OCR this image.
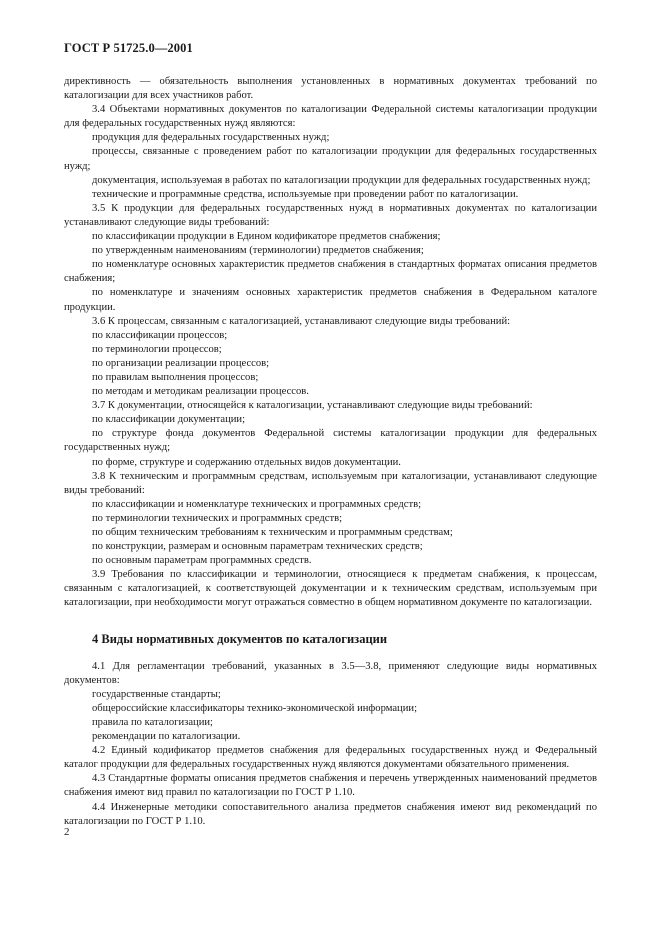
ГОСТ Р 51725.0—2001

директивность — обязательность выполнения установленных в нормативных документах требований по каталогизации для всех участников работ.

3.4 Объектами нормативных документов по каталогизации Федеральной системы каталогизации продукции для федеральных государственных нужд являются:

продукция для федеральных государственных нужд;

процессы, связанные с проведением работ по каталогизации продукции для федеральных государственных нужд;

документация, используемая в работах по каталогизации продукции для федеральных государственных нужд;

технические и программные средства, используемые при проведении работ по каталогизации.

3.5 К продукции для федеральных государственных нужд в нормативных документах по каталогизации устанавливают следующие виды требований:

по классификации продукции в Едином кодификаторе предметов снабжения;

по утвержденным наименованиям (терминологии) предметов снабжения;

по номенклатуре основных характеристик предметов снабжения в стандартных форматах описания предметов снабжения;

по номенклатуре и значениям основных характеристик предметов снабжения в Федеральном каталоге продукции.

3.6 К процессам, связанным с каталогизацией, устанавливают следующие виды требований:

по классификации процессов;

по терминологии процессов;

по организации реализации процессов;

по правилам выполнения процессов;

по методам и методикам реализации процессов.

3.7 К документации, относящейся к каталогизации, устанавливают следующие виды требований:

по классификации документации;

по структуре фонда документов Федеральной системы каталогизации продукции для федеральных государственных нужд;

по форме, структуре и содержанию отдельных видов документации.

3.8 К техническим и программным средствам, используемым при каталогизации, устанавливают следующие виды требований:

по классификации и номенклатуре технических и программных средств;

по терминологии технических и программных средств;

по общим техническим требованиям к техническим и программным средствам;

по конструкции, размерам и основным параметрам технических средств;

по основным параметрам программных средств.

3.9 Требования по классификации и терминологии, относящиеся к предметам снабжения, к процессам, связанным с каталогизацией, к соответствующей документации и к техническим средствам, используемым при каталогизации, при необходимости могут отражаться совместно в общем нормативном документе по каталогизации.

4 Виды нормативных документов по каталогизации

4.1 Для регламентации требований, указанных в 3.5—3.8, применяют следующие виды нормативных документов:

государственные стандарты;

общероссийские классификаторы технико-экономической информации;

правила по каталогизации;

рекомендации по каталогизации.

4.2 Единый кодификатор предметов снабжения для федеральных государственных нужд и Федеральный каталог продукции для федеральных государственных нужд являются документами обязательного применения.

4.3 Стандартные форматы описания предметов снабжения и перечень утвержденных наименований предметов снабжения имеют вид правил по каталогизации по ГОСТ Р 1.10.

4.4 Инженерные методики сопоставительного анализа предметов снабжения имеют вид рекомендаций по каталогизации по ГОСТ Р 1.10.

2
